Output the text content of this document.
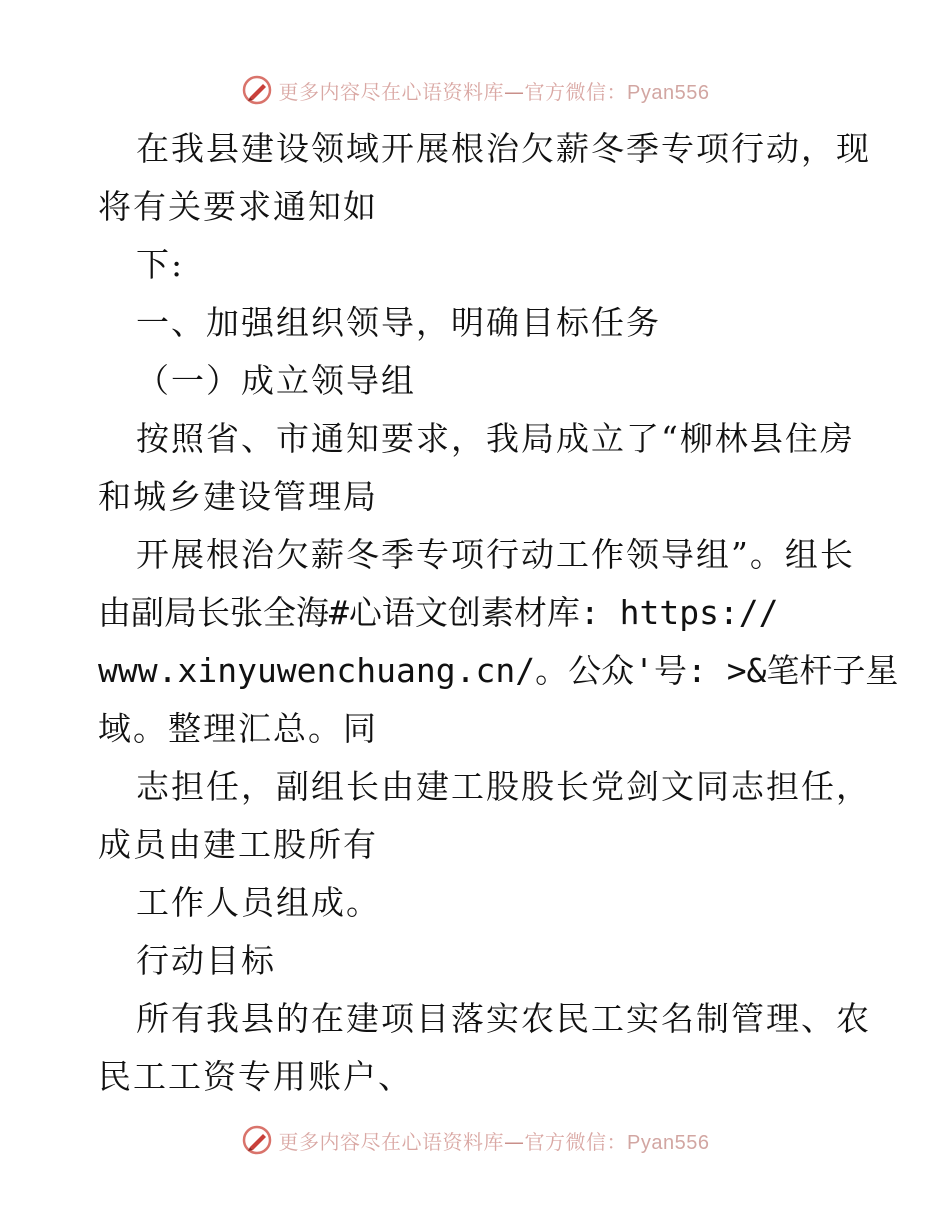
更多内容尽在心语资料库—官方微信：Pyan556
在我县建设领域开展根治欠薪冬季专项行动，现
将有关要求通知如
下:
一、加强组织领导，明确目标任务
（一）成立领导组
按照省、市通知要求，我局成立了“柳林县住房
和城乡建设管理局
开展根治欠薪冬季专项行动工作领导组”。组长
由副局长张全海#心语文创素材库: https://
www.xinyuwenchuang.cn/。公众'号: >&笔杆子星
域。整理汇总。同
志担任，副组长由建工股股长党剑文同志担任，
成员由建工股所有
工作人员组成。
行动目标
所有我县的在建项目落实农民工实名制管理、农
民工工资专用账户、
更多内容尽在心语资料库—官方微信：Pyan556
